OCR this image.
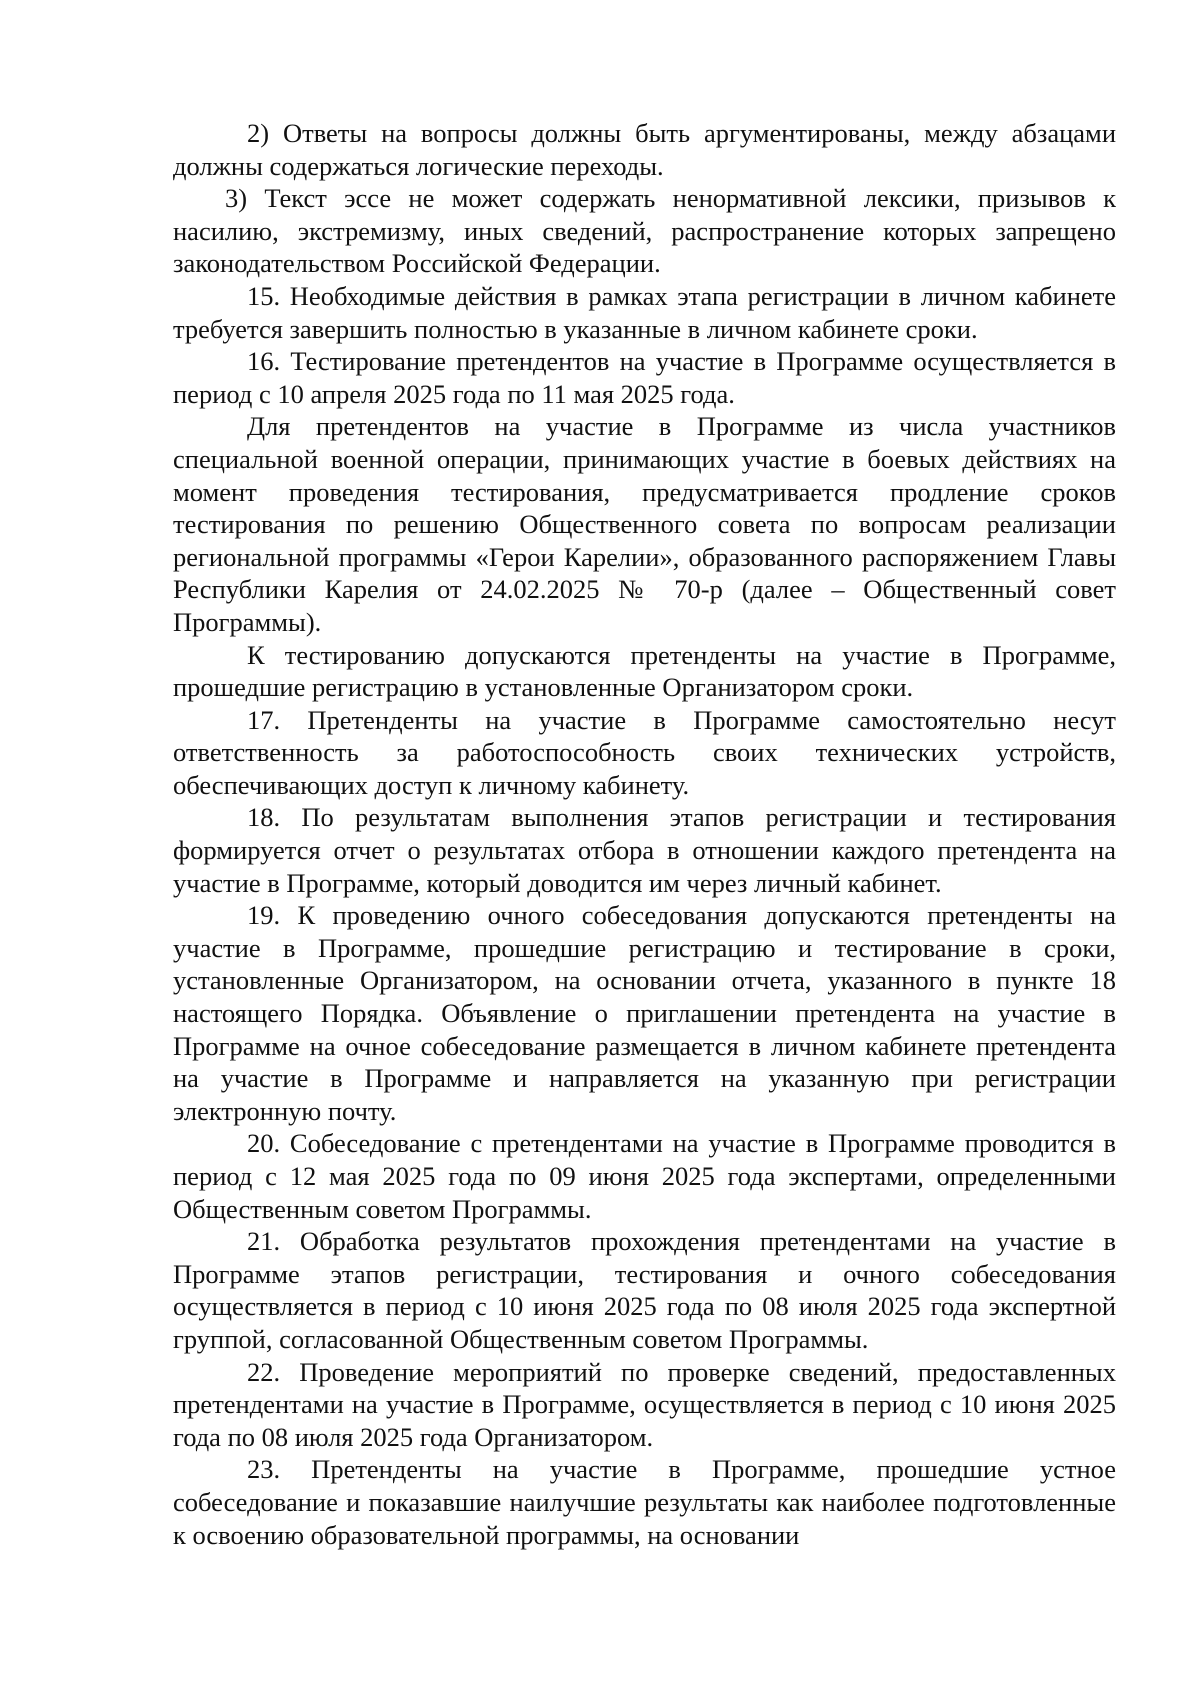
2) Ответы на вопросы должны быть аргументированы, между абзацами должны содержаться логические переходы.

3) Текст эссе не может содержать ненормативной лексики, призывов к насилию, экстремизму, иных сведений, распространение которых запрещено законодательством Российской Федерации.

15. Необходимые действия в рамках этапа регистрации в личном кабинете требуется завершить полностью в указанные в личном кабинете сроки.

16. Тестирование претендентов на участие в Программе осуществляется в период с 10 апреля 2025 года по 11 мая 2025 года.

Для претендентов на участие в Программе из числа участников специальной военной операции, принимающих участие в боевых действиях на момент проведения тестирования, предусматривается продление сроков тестирования по решению Общественного совета по вопросам реализации региональной программы «Герои Карелии», образованного распоряжением Главы Республики Карелия от 24.02.2025 № 70-р (далее – Общественный совет Программы).

К тестированию допускаются претенденты на участие в Программе, прошедшие регистрацию в установленные Организатором сроки.

17. Претенденты на участие в Программе самостоятельно несут ответственность за работоспособность своих технических устройств, обеспечивающих доступ к личному кабинету.

18. По результатам выполнения этапов регистрации и тестирования формируется отчет о результатах отбора в отношении каждого претендента на участие в Программе, который доводится им через личный кабинет.

19. К проведению очного собеседования допускаются претенденты на участие в Программе, прошедшие регистрацию и тестирование в сроки, установленные Организатором, на основании отчета, указанного в пункте 18 настоящего Порядка. Объявление о приглашении претендента на участие в Программе на очное собеседование размещается в личном кабинете претендента на участие в Программе и направляется на указанную при регистрации электронную почту.

20. Собеседование с претендентами на участие в Программе проводится в период с 12 мая 2025 года по 09 июня 2025 года экспертами, определенными Общественным советом Программы.

21. Обработка результатов прохождения претендентами на участие в Программе этапов регистрации, тестирования и очного собеседования осуществляется в период с 10 июня 2025 года по 08 июля 2025 года экспертной группой, согласованной Общественным советом Программы.

22. Проведение мероприятий по проверке сведений, предоставленных претендентами на участие в Программе, осуществляется в период с 10 июня 2025 года по 08 июля 2025 года Организатором.

23. Претенденты на участие в Программе, прошедшие устное собеседование и показавшие наилучшие результаты как наиболее подготовленные к освоению образовательной программы, на основании
